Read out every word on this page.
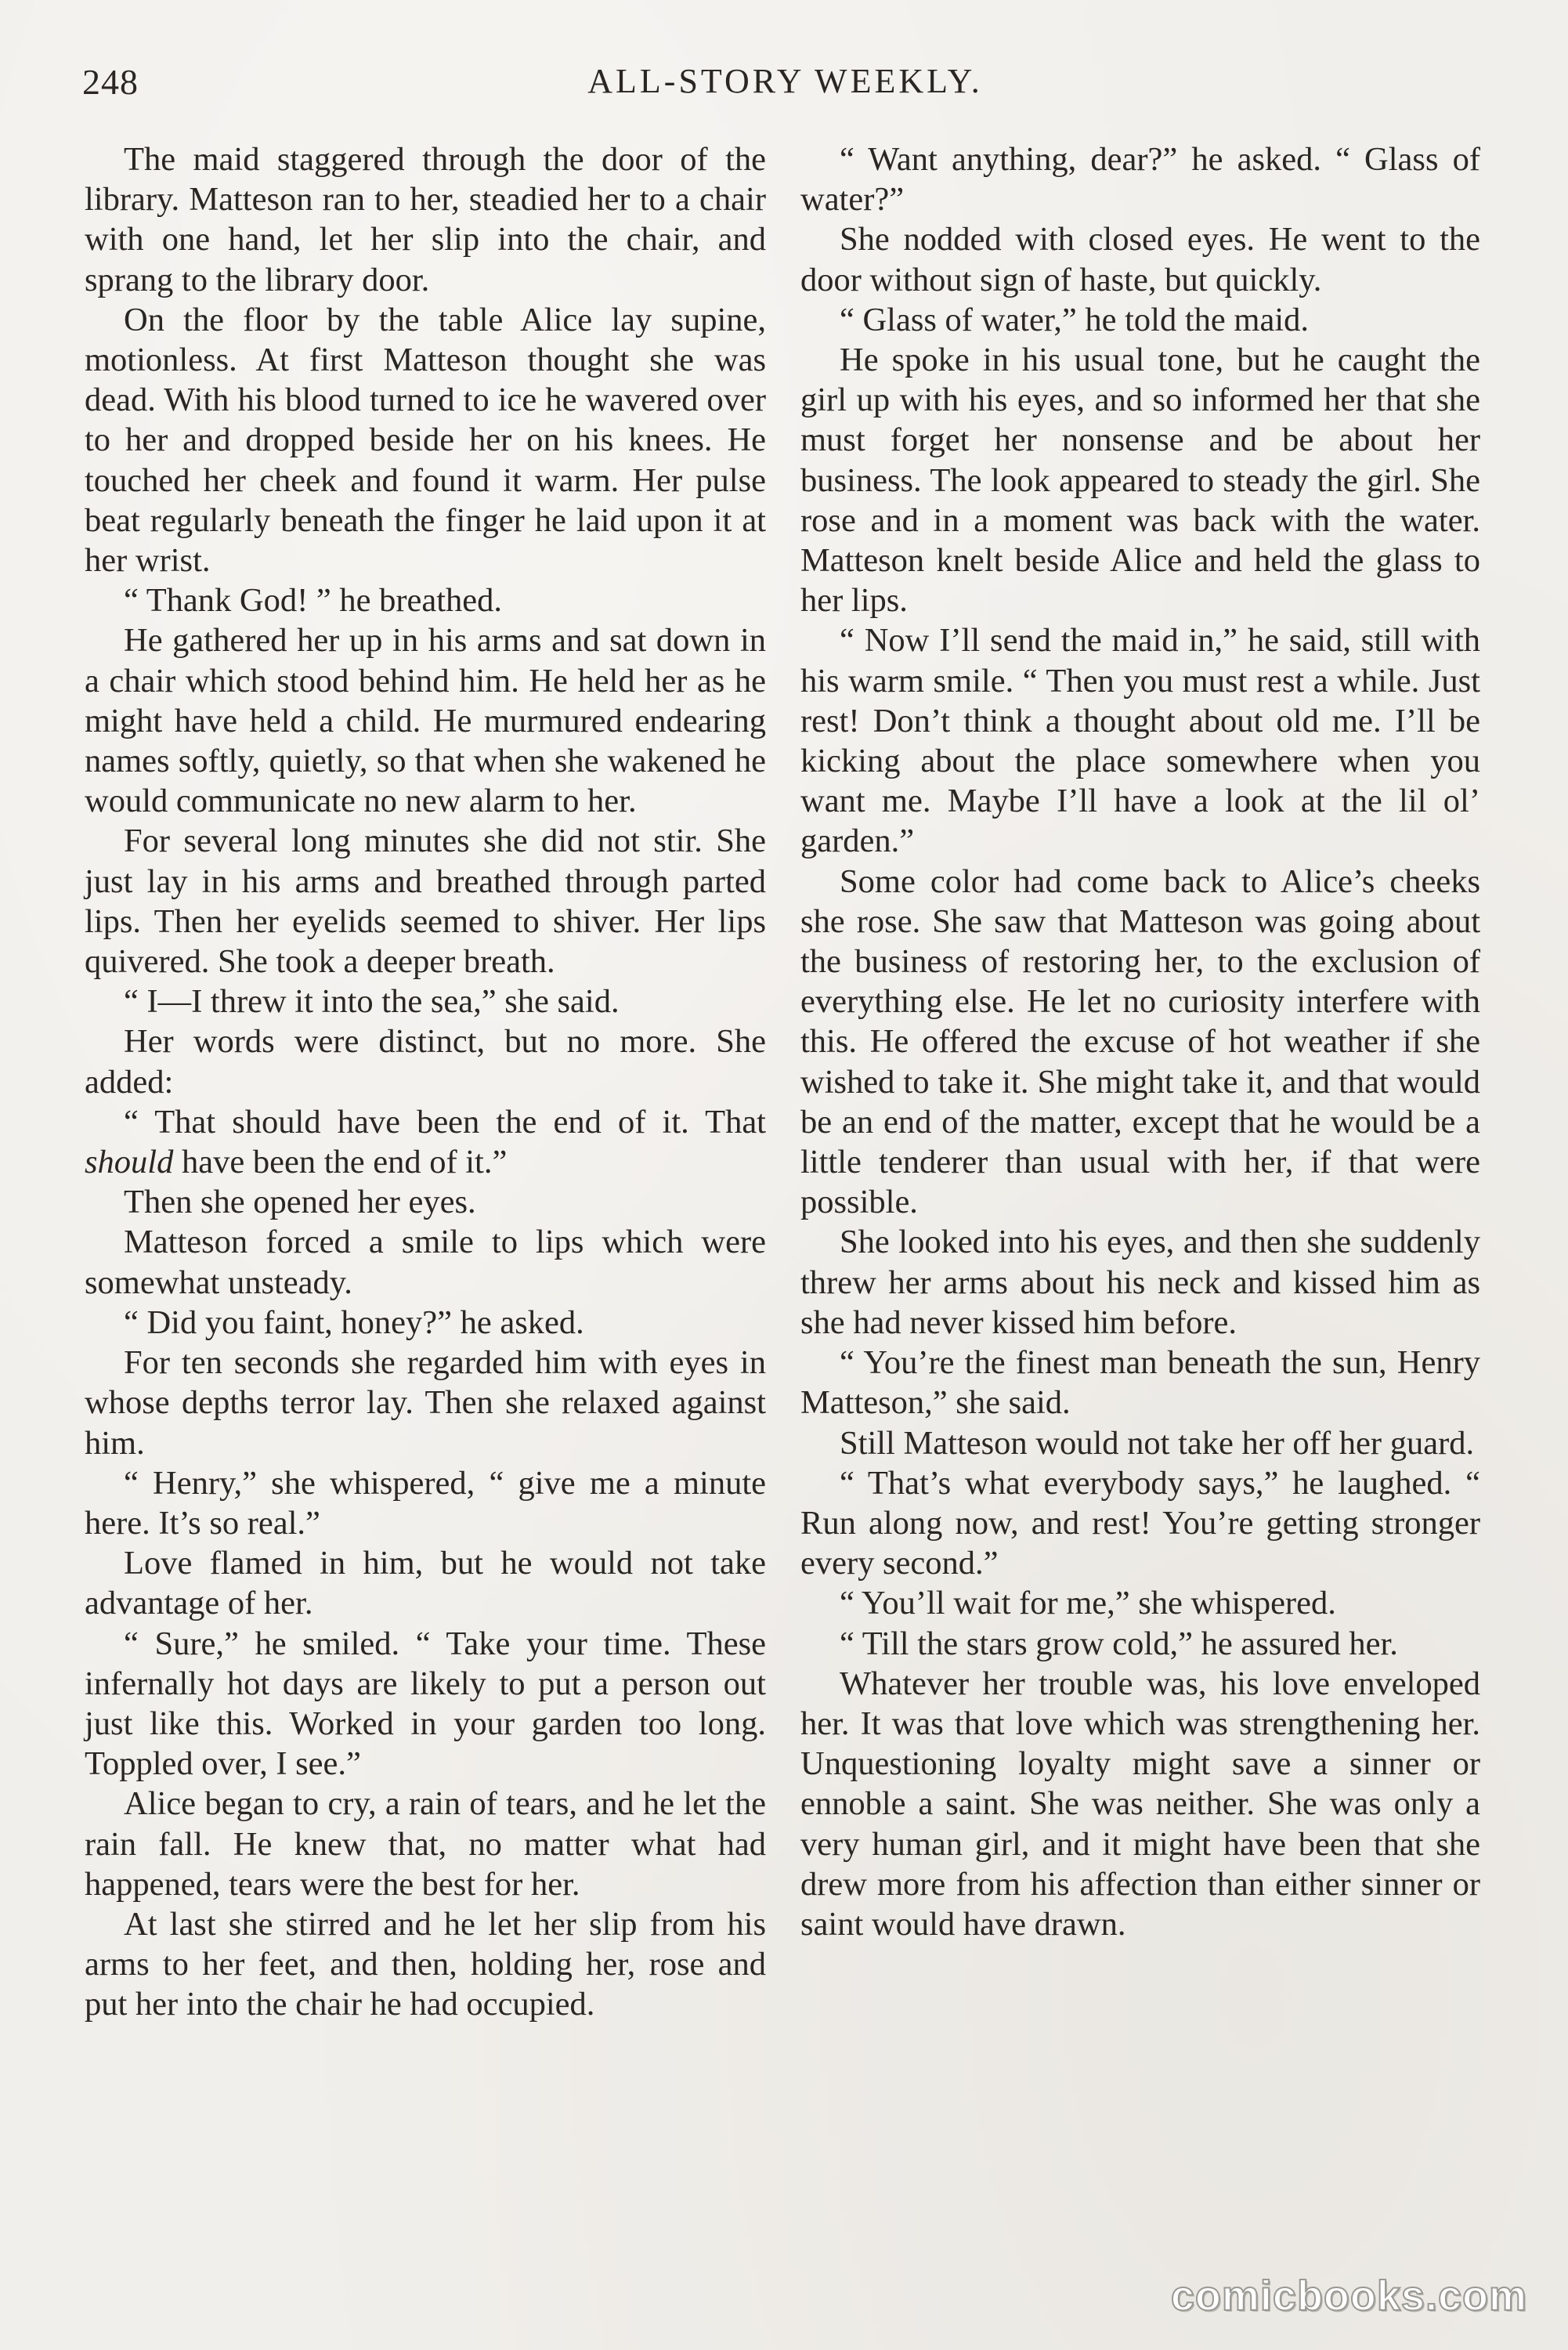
248	ALL-STORY WEEKLY.

The maid staggered through the door of the library. Matteson ran to her, steadied her to a chair with one hand, let her slip into the chair, and sprang to the library door.

On the floor by the table Alice lay supine, motionless. At first Matteson thought she was dead. With his blood turned to ice he wavered over to her and dropped beside her on his knees. He touched her cheek and found it warm. Her pulse beat regularly beneath the finger he laid upon it at her wrist.

“ Thank God! ” he breathed.

He gathered her up in his arms and sat down in a chair which stood behind him. He held her as he might have held a child. He murmured endearing names softly, quietly, so that when she wakened he would communicate no new alarm to her.

For several long minutes she did not stir. She just lay in his arms and breathed through parted lips. Then her eyelids seemed to shiver. Her lips quivered. She took a deeper breath.

“ I—I threw it into the sea,” she said.

Her words were distinct, but no more. She added:

“ That should have been the end of it. That should have been the end of it.”

Then she opened her eyes.

Matteson forced a smile to lips which were somewhat unsteady.

“ Did you faint, honey?” he asked.

For ten seconds she regarded him with eyes in whose depths terror lay. Then she relaxed against him.

“ Henry,” she whispered, “ give me a minute here. It’s so real.”

Love flamed in him, but he would not take advantage of her.

“ Sure,” he smiled. “ Take your time. These infernally hot days are likely to put a person out just like this. Worked in your garden too long. Toppled over, I see.”

Alice began to cry, a rain of tears, and he let the rain fall. He knew that, no matter what had happened, tears were the best for her.

At last she stirred and he let her slip from his arms to her feet, and then, holding her, rose and put her into the chair he had occupied.

“ Want anything, dear?” he asked. “ Glass of water?”

She nodded with closed eyes. He went to the door without sign of haste, but quickly.

“ Glass of water,” he told the maid.

He spoke in his usual tone, but he caught the girl up with his eyes, and so informed her that she must forget her nonsense and be about her business. The look appeared to steady the girl. She rose and in a moment was back with the water. Matteson knelt beside Alice and held the glass to her lips.

“ Now I’ll send the maid in,” he said, still with his warm smile. “ Then you must rest a while. Just rest! Don’t think a thought about old me. I’ll be kicking about the place somewhere when you want me. Maybe I’ll have a look at the lil ol’ garden.”

Some color had come back to Alice’s cheeks she rose. She saw that Matteson was going about the business of restoring her, to the exclusion of everything else. He let no curiosity interfere with this. He offered the excuse of hot weather if she wished to take it. She might take it, and that would be an end of the matter, except that he would be a little tenderer than usual with her, if that were possible.

She looked into his eyes, and then she suddenly threw her arms about his neck and kissed him as she had never kissed him before.

“ You’re the finest man beneath the sun, Henry Matteson,” she said.

Still Matteson would not take her off her guard.

“ That’s what everybody says,” he laughed. “ Run along now, and rest! You’re getting stronger every second.”

“ You’ll wait for me,” she whispered.

“ Till the stars grow cold,” he assured her.

Whatever her trouble was, his love enveloped her. It was that love which was strengthening her. Unquestioning loyalty might save a sinner or ennoble a saint. She was neither. She was only a very human girl, and it might have been that she drew more from his affection than either sinner or saint would have drawn.

comicbooks.com
